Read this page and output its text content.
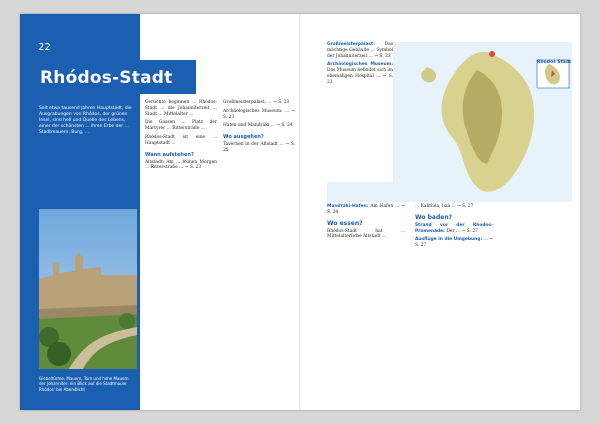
22
Rhódos-Stadt
Seit etwa tausend Jahren Hauptstadt, die Ausgrabungen von Rhódos, der grünen Insel, sind hell und Quelle des Lebens, einer der schönsten ... ihren Erbe der ... Stadtmauern, Burg, ...
Giebeltürme, Mauern, Tore und hohe Mauern der Johanniter: ein Blick auf die Stadtmauer Rhódos' bei Abendlicht

Gerüchte beginnen ... Rhódos-Stadt ... die Johanniterzeit ... Stadt ... Mittelalter ...

Die Gassen ... Platz der Märtyrer ... Ritterstraße ...

Rhódos-Stadt ist eine ... Hauptstadt ...

Wann aufstehen?

Altstadt: Am ... frühen Morgen ... Ritterstraße ... → S. 23

Großmeisterpalast: ... → S. 23

Archäologisches Museum: ... → S. 23

Hafen und Mandráki ... → S. 24

Wo ausgehen?

Tavernen in der Altstadt ... → S. 25

Großmeisterpalast: Das mächtige Gebäude ... Symbol der Johanniterzeit ... → S. 23

Archäologisches Museum: Das Museum befindet sich im ehemaligen Hospital ... → S. 23

Mandráki-Hafen: Am Hafen ... → S. 24

Wo essen?

Rhódos-Stadt hat ... Mittelalterliche Altstadt ...

... Kalithéa, Ixiá ... → S. 27

Wo baden?

Strand vor der Rhodos-Promenade: Der ... → S. 27

Ausflüge in die Umgebung: ... → S. 27

Rhodos Stadt
